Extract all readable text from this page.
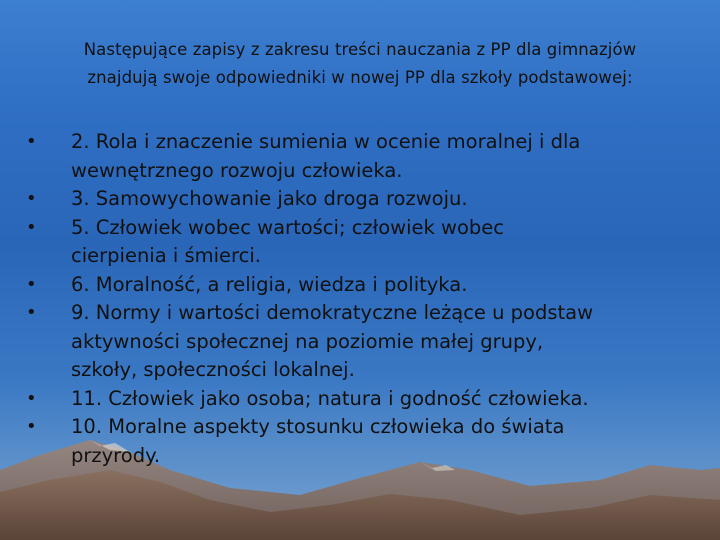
Następujące zapisy z zakresu treści nauczania z PP dla gimnazjów
znajdują swoje odpowiedniki w nowej PP dla szkoły podstawowej:
• 2. Rola i znaczenie sumienia w ocenie moralnej i dla
wewnętrznego rozwoju człowieka.
• 3. Samowychowanie jako droga rozwoju.
• 5. Człowiek wobec wartości; człowiek wobec
cierpienia i śmierci.
• 6. Moralność, a religia, wiedza i polityka.
• 9. Normy i wartości demokratyczne leżące u podstaw
aktywności społecznej na poziomie małej grupy,
szkoły, społeczności lokalnej.
• 11. Człowiek jako osoba; natura i godność człowieka.
• 10. Moralne aspekty stosunku człowieka do świata
przyrody.
